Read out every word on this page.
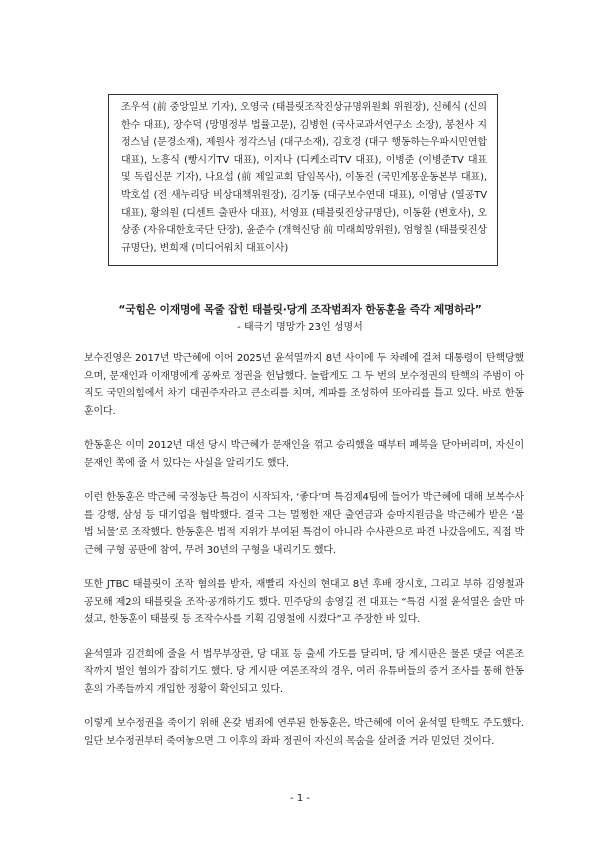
조우석 (前 중앙일보 기자), 오영국 (태블릿조작진상규명위원회 위원장), 신혜식 (신의한수 대표), 장수덕 (망명정부 법률고문), 김병헌 (국사교과서연구소 소장), 봉천사 지정스님 (문경소재), 제원사 정각스님 (대구소재), 김호경 (대구 행동하는우파시민연합 대표), 노흥식 (빵시기TV 대표), 이지나 (디케소리TV 대표), 이병준 (이병준TV 대표 및 독립신문 기자), 나요섭 (前 제일교회 담임목사), 이동진 (국민계몽운동본부 대표), 박호섭 (전 새누리당 비상대책위원장), 김기동 (대구보수연대 대표), 이영남 (열공TV 대표), 황의원 (디센트 출판사 대표), 서영표 (태블릿진상규명단), 이동환 (변호사), 오상종 (자유대한호국단 단장), 윤준수 (개혁신당 前 미래희망위원), 엄형칠 (태블릿진상규명단), 변희재 (미디어워치 대표이사)
“국힘은 이재명에 목줄 잡힌 태블릿·당게 조작범죄자 한동훈을 즉각 제명하라”
- 태극기 명망가 23인 성명서

보수진영은 2017년 박근혜에 이어 2025년 윤석열까지 8년 사이에 두 차례에 걸쳐 대통령이 탄핵당했으며, 문재인과 이재명에게 공짜로 정권을 헌납했다. 놀랍게도 그 두 번의 보수정권의 탄핵의 주범이 아직도 국민의힘에서 차기 대권주자라고 큰소리를 치며, 계파를 조성하여 또아리를 틀고 있다. 바로 한동훈이다.

한동훈은 이미 2012년 대선 당시 박근혜가 문재인을 꺾고 승리했을 때부터 폐북을 닫아버리며, 자신이 문재인 쪽에 줄 서 있다는 사실을 알리기도 했다.

이런 한동훈은 박근혜 국정농단 특검이 시작되자, ‘좋다’며 특검제4팀에 들어가 박근혜에 대해 보복수사를 강행, 삼성 등 대기업을 협박했다. 결국 그는 멀쩡한 재단 출연금과 승마지원금을 박근혜가 받은 ‘불법 뇌물’로 조작했다. 한동훈은 법적 지위가 부여된 특검이 아니라 수사관으로 파견 나갔음에도, 직접 박근혜 구형 공판에 참여, 무려 30년의 구형을 내리기도 했다.

또한 JTBC 태블릿이 조작 혐의를 받자, 재빨리 자신의 현대고 8년 후배 장시호, 그리고 부하 김영철과 공모해 제2의 태블릿을 조작·공개하기도 했다. 민주당의 송영길 전 대표는 “특검 시절 윤석열은 술만 마셨고, 한동훈이 태블릿 등 조작수사를 기획 김영철에 시켰다”고 주장한 바 있다.

윤석열과 김건희에 줄을 서 법무부장관, 당 대표 등 출세 가도를 달리며, 당 게시판은 물론 댓글 여론조작까지 벌인 혐의가 잡히기도 했다. 당 게시판 여론조작의 경우, 여러 유튜버들의 증거 조사를 통해 한동훈의 가족들까지 개입한 정황이 확인되고 있다.

이렇게 보수정권을 죽이기 위해 온갖 범죄에 연루된 한동훈은, 박근혜에 이어 윤석열 탄핵도 주도했다. 일단 보수정권부터 죽여놓으면 그 이후의 좌파 정권이 자신의 목숨을 살려줄 거라 믿었던 것이다.

- 1 -
